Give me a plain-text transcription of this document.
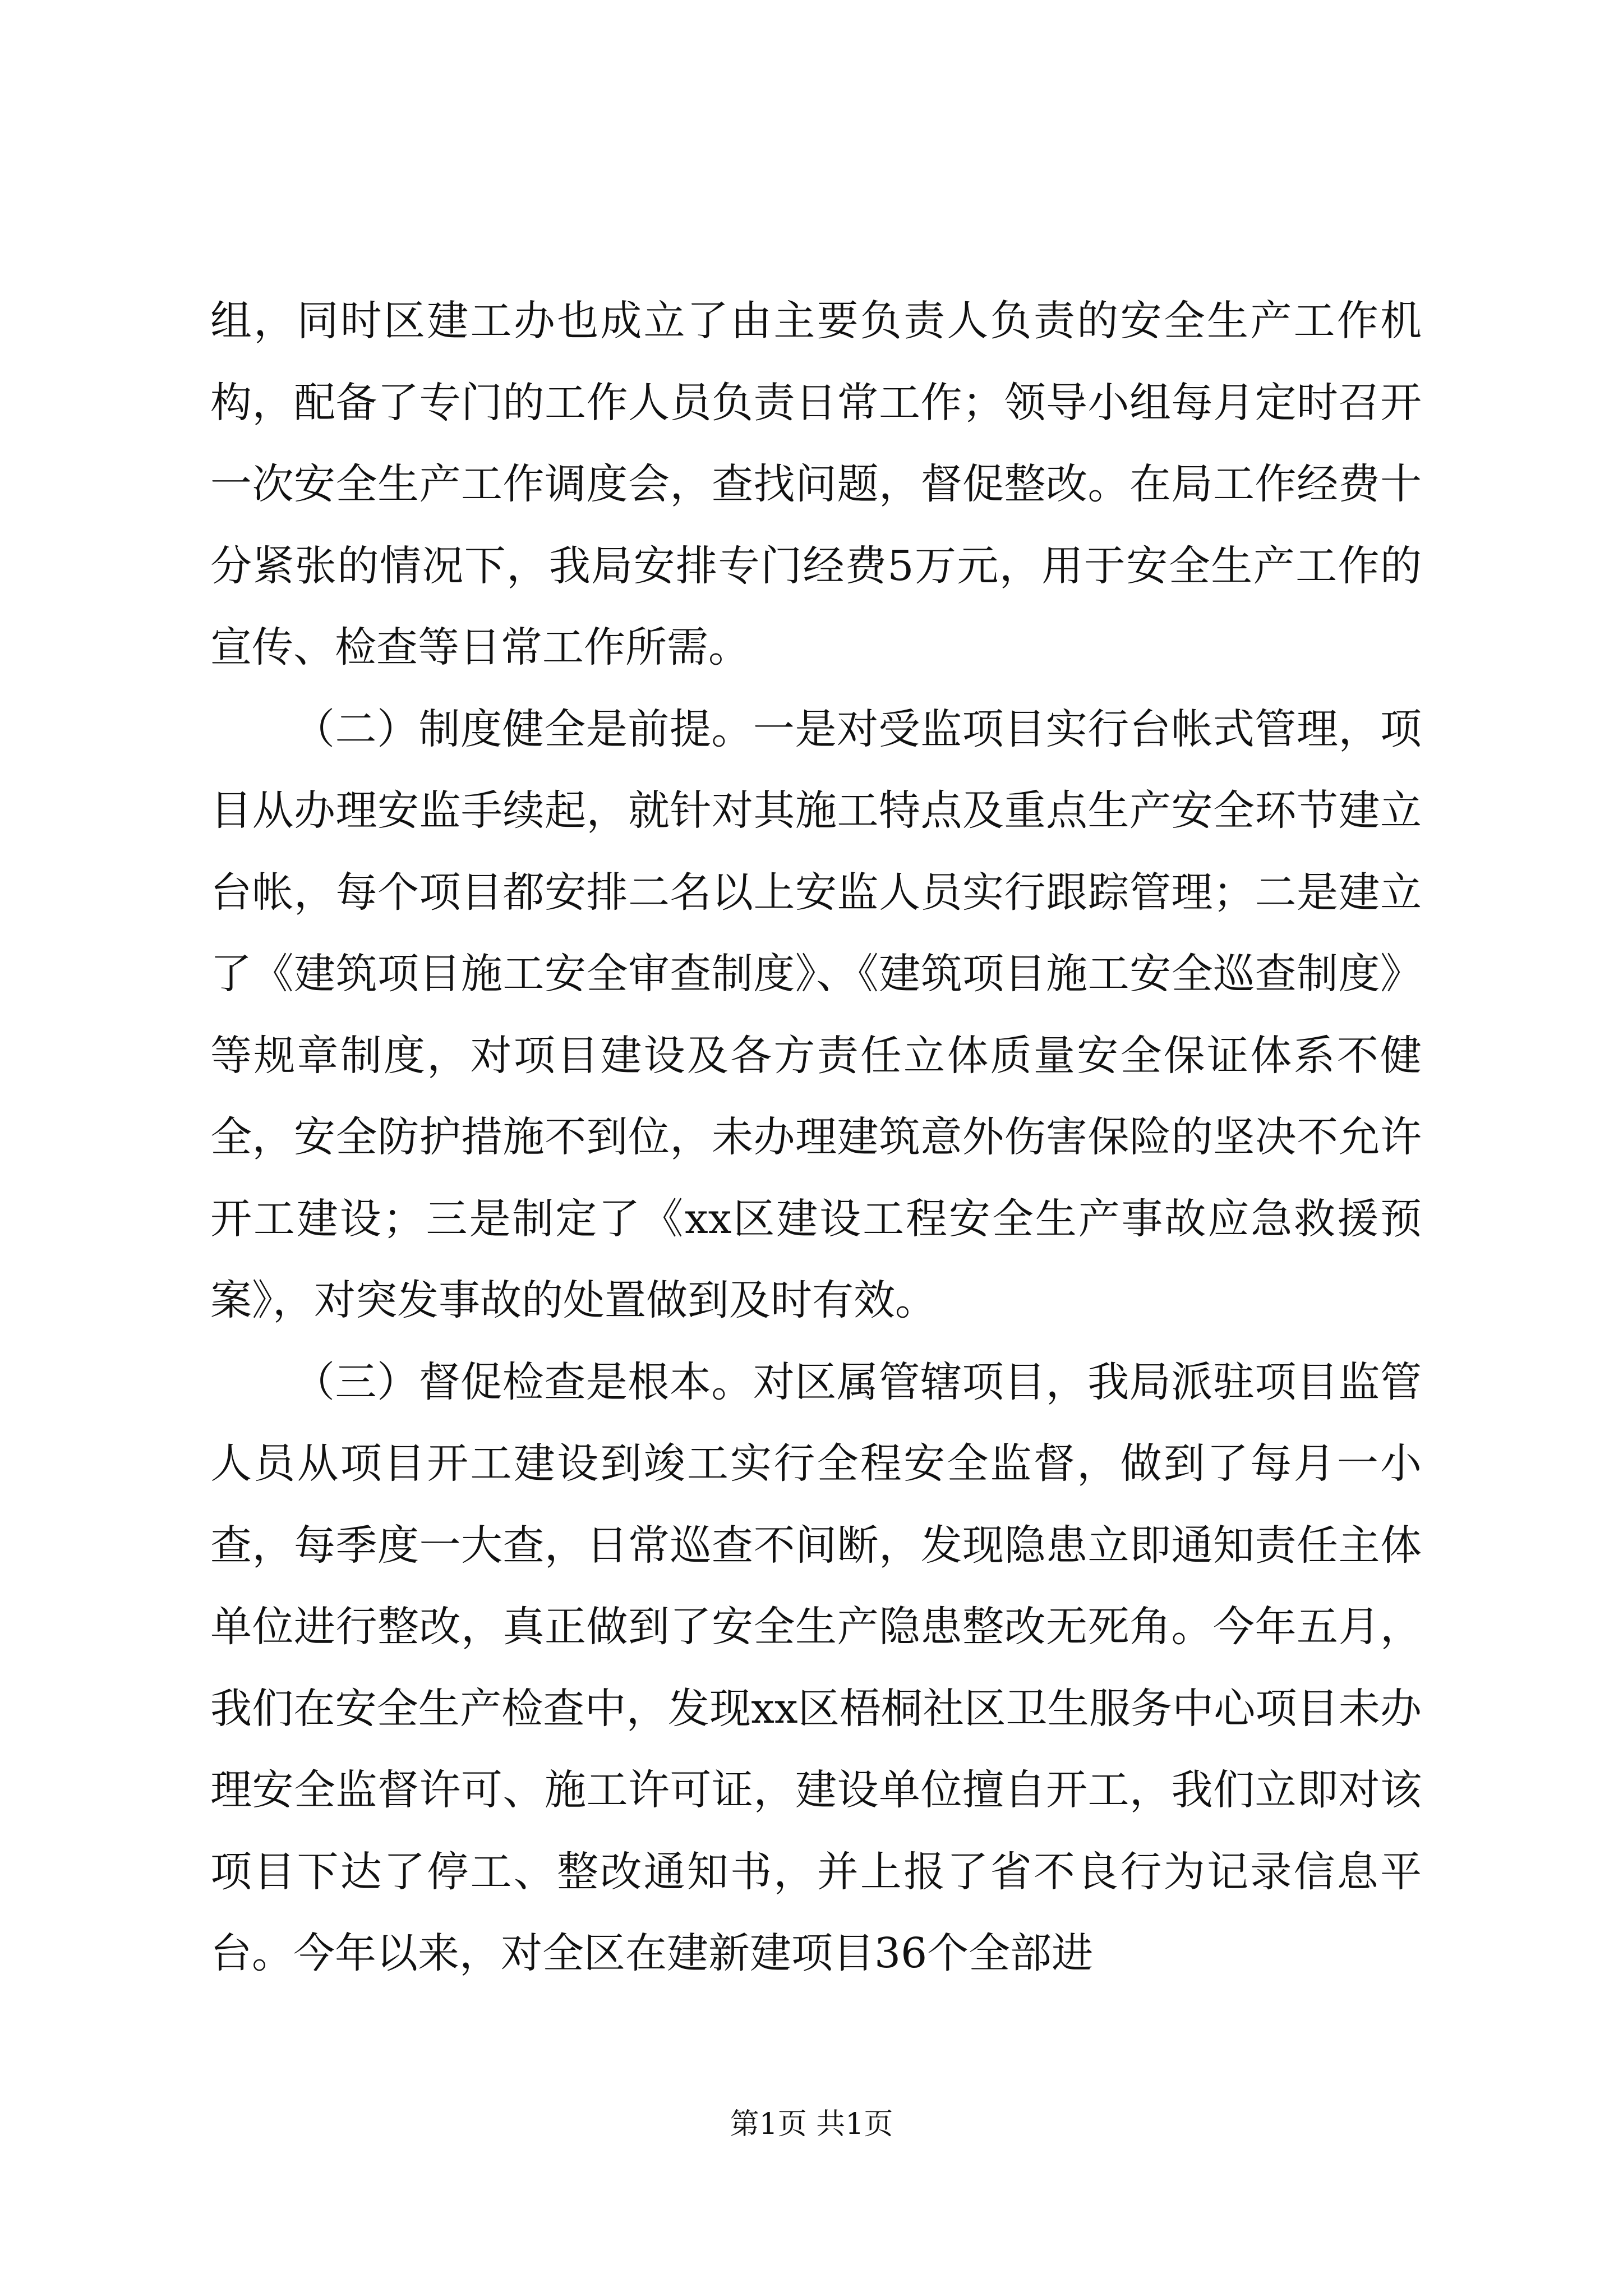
组，同时区建工办也成立了由主要负责人负责的安全生产工作机构，配备了专门的工作人员负责日常工作；领导小组每月定时召开一次安全生产工作调度会，查找问题，督促整改。在局工作经费十分紧张的情况下，我局安排专门经费5万元，用于安全生产工作的宣传、检查等日常工作所需。

（二）制度健全是前提。一是对受监项目实行台帐式管理，项目从办理安监手续起，就针对其施工特点及重点生产安全环节建立台帐，每个项目都安排二名以上安监人员实行跟踪管理；二是建立了《建筑项目施工安全审查制度》、《建筑项目施工安全巡查制度》等规章制度，对项目建设及各方责任立体质量安全保证体系不健全，安全防护措施不到位，未办理建筑意外伤害保险的坚决不允许开工建设；三是制定了《xx区建设工程安全生产事故应急救援预案》，对突发事故的处置做到及时有效。

（三）督促检查是根本。对区属管辖项目，我局派驻项目监管人员从项目开工建设到竣工实行全程安全监督，做到了每月一小查，每季度一大查，日常巡查不间断，发现隐患立即通知责任主体单位进行整改，真正做到了安全生产隐患整改无死角。今年五月，我们在安全生产检查中，发现xx区梧桐社区卫生服务中心项目未办理安全监督许可、施工许可证，建设单位擅自开工，我们立即对该项目下达了停工、整改通知书，并上报了省不良行为记录信息平台。今年以来，对全区在建新建项目36个全部进

第1页 共1页
